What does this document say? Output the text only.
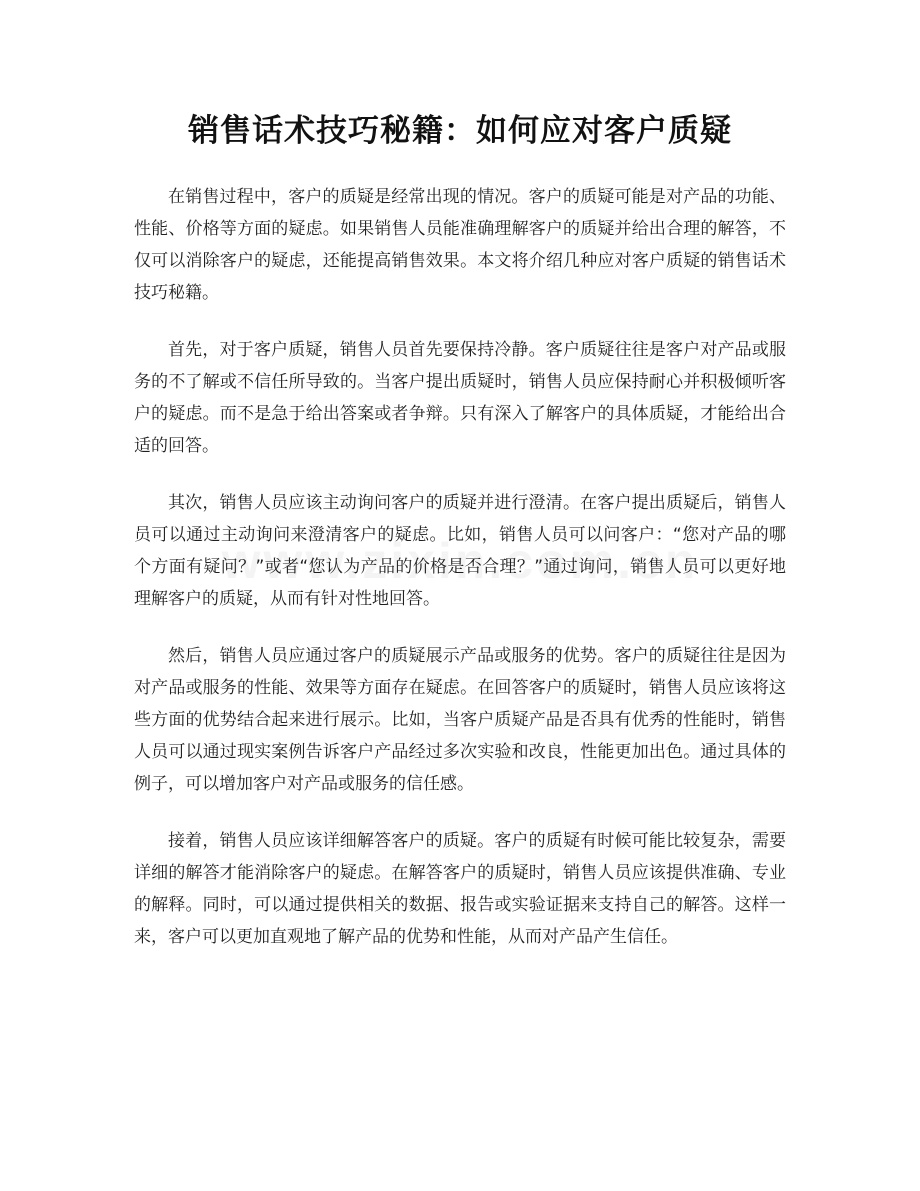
销售话术技巧秘籍：如何应对客户质疑

在销售过程中，客户的质疑是经常出现的情况。客户的质疑可能是对产品的功能、性能、价格等方面的疑虑。如果销售人员能准确理解客户的质疑并给出合理的解答，不仅可以消除客户的疑虑，还能提高销售效果。本文将介绍几种应对客户质疑的销售话术技巧秘籍。

首先，对于客户质疑，销售人员首先要保持冷静。客户质疑往往是客户对产品或服务的不了解或不信任所导致的。当客户提出质疑时，销售人员应保持耐心并积极倾听客户的疑虑。而不是急于给出答案或者争辩。只有深入了解客户的具体质疑，才能给出合适的回答。

其次，销售人员应该主动询问客户的质疑并进行澄清。在客户提出质疑后，销售人员可以通过主动询问来澄清客户的疑虑。比如，销售人员可以问客户：“您对产品的哪个方面有疑问？”或者“您认为产品的价格是否合理？”通过询问，销售人员可以更好地理解客户的质疑，从而有针对性地回答。

然后，销售人员应通过客户的质疑展示产品或服务的优势。客户的质疑往往是因为对产品或服务的性能、效果等方面存在疑虑。在回答客户的质疑时，销售人员应该将这些方面的优势结合起来进行展示。比如，当客户质疑产品是否具有优秀的性能时，销售人员可以通过现实案例告诉客户产品经过多次实验和改良，性能更加出色。通过具体的例子，可以增加客户对产品或服务的信任感。

接着，销售人员应该详细解答客户的质疑。客户的质疑有时候可能比较复杂，需要详细的解答才能消除客户的疑虑。在解答客户的质疑时，销售人员应该提供准确、专业的解释。同时，可以通过提供相关的数据、报告或实验证据来支持自己的解答。这样一来，客户可以更加直观地了解产品的优势和性能，从而对产品产生信任。
